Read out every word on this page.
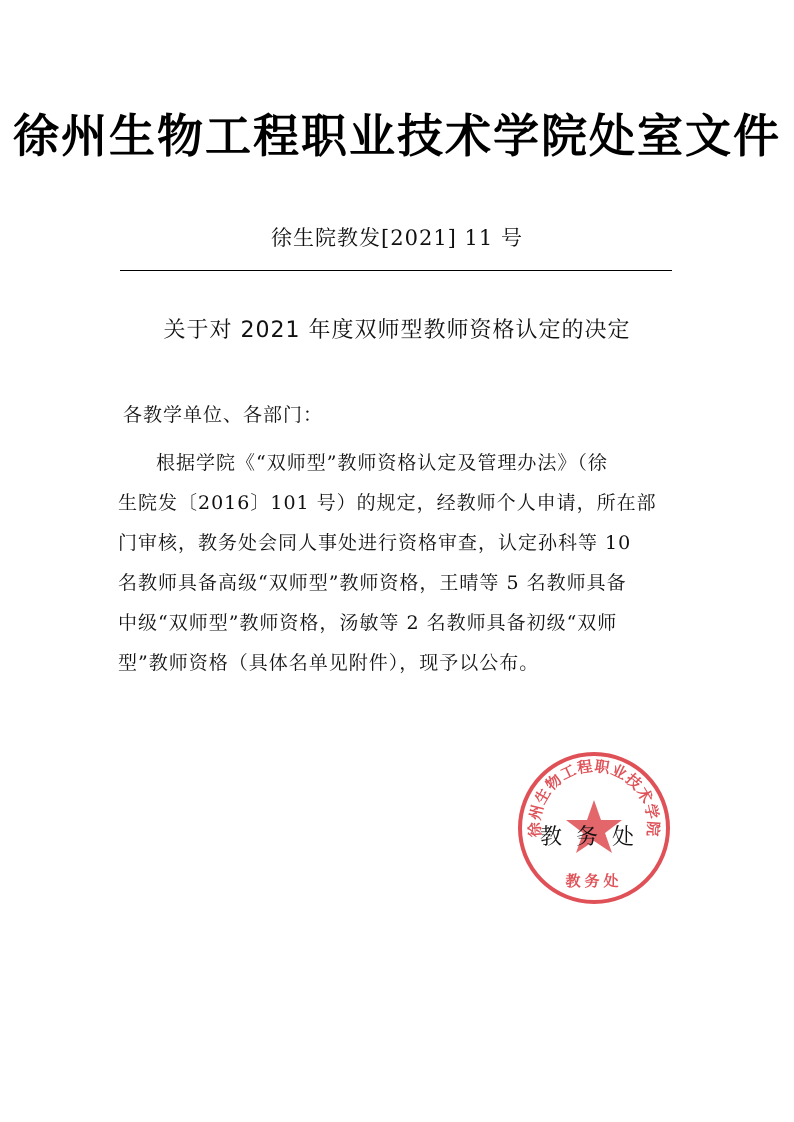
徐州生物工程职业技术学院处室文件
徐生院教发[2021] 11 号
关于对 2021 年度双师型教师资格认定的决定
各教学单位、各部门：
根据学院《“双师型”教师资格认定及管理办法》（徐
生院发〔2016〕101 号）的规定，经教师个人申请，所在部
门审核，教务处会同人事处进行资格审查，认定孙科等 10
名教师具备高级“双师型”教师资格，王晴等 5 名教师具备
中级“双师型”教师资格，汤敏等 2 名教师具备初级“双师
型”教师资格（具体名单见附件），现予以公布。
徐州生物工程职业技术学院
教务处
教务处
